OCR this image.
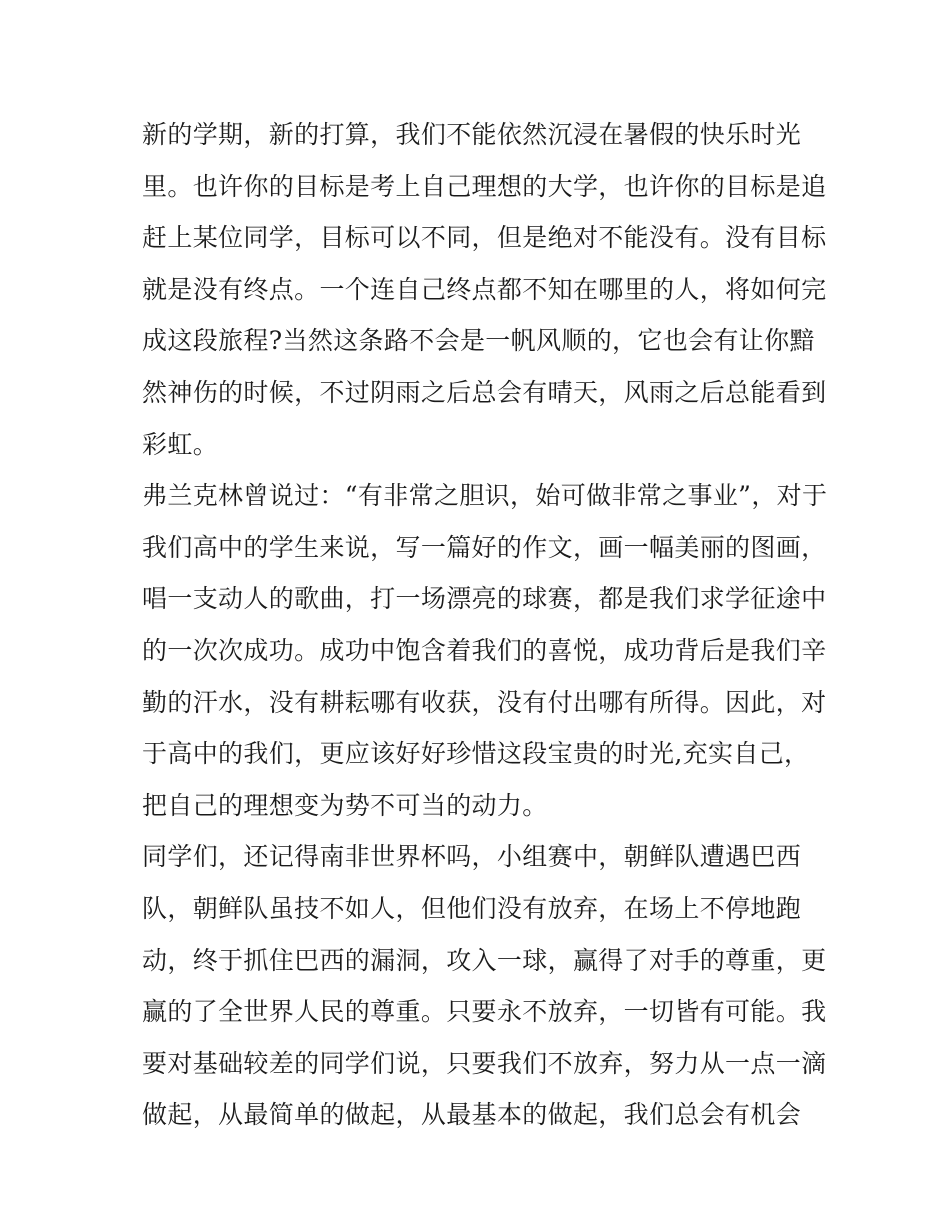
新的学期，新的打算，我们不能依然沉浸在暑假的快乐时光
里。也许你的目标是考上自己理想的大学，也许你的目标是追
赶上某位同学，目标可以不同，但是绝对不能没有。没有目标
就是没有终点。一个连自己终点都不知在哪里的人，将如何完
成这段旅程?当然这条路不会是一帆风顺的，它也会有让你黯
然神伤的时候，不过阴雨之后总会有晴天，风雨之后总能看到
彩虹。
弗兰克林曾说过：“有非常之胆识，始可做非常之事业”，对于
我们高中的学生来说，写一篇好的作文，画一幅美丽的图画，
唱一支动人的歌曲，打一场漂亮的球赛，都是我们求学征途中
的一次次成功。成功中饱含着我们的喜悦，成功背后是我们辛
勤的汗水，没有耕耘哪有收获，没有付出哪有所得。因此，对
于高中的我们，更应该好好珍惜这段宝贵的时光,充实自己，
把自己的理想变为势不可当的动力。
同学们，还记得南非世界杯吗，小组赛中，朝鲜队遭遇巴西
队，朝鲜队虽技不如人，但他们没有放弃，在场上不停地跑
动，终于抓住巴西的漏洞，攻入一球，赢得了对手的尊重，更
赢的了全世界人民的尊重。只要永不放弃，一切皆有可能。我
要对基础较差的同学们说，只要我们不放弃，努力从一点一滴
做起，从最简单的做起，从最基本的做起，我们总会有机会
